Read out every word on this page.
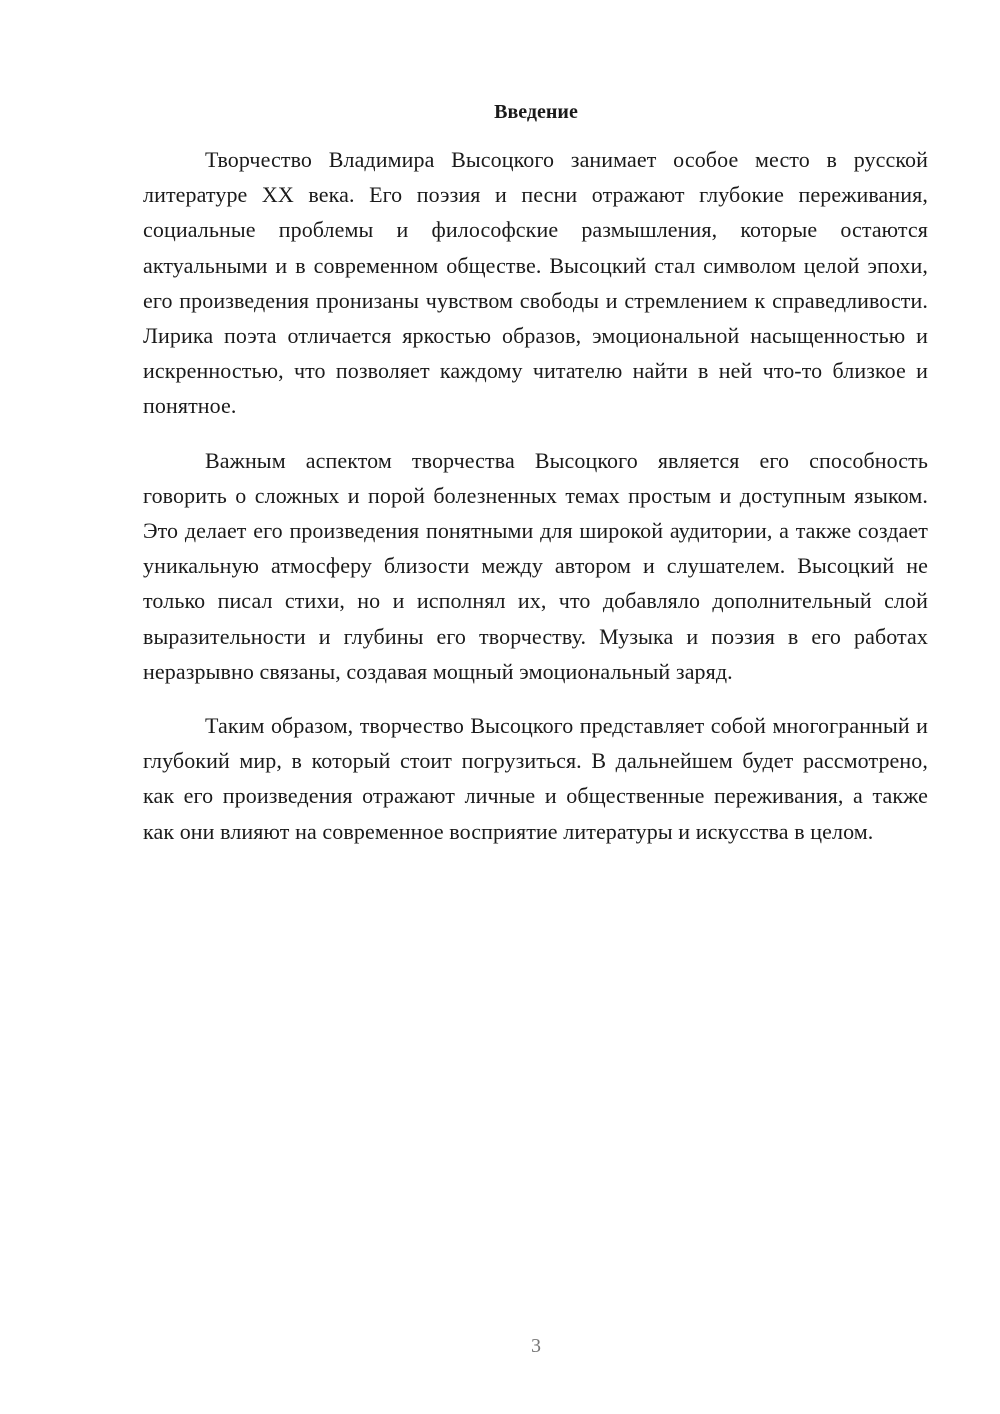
Введение

Творчество Владимира Высоцкого занимает особое место в русской литературе XX века. Его поэзия и песни отражают глубокие переживания, социальные проблемы и философские размышления, которые остаются актуальными и в современном обществе. Высоцкий стал символом целой эпохи, его произведения пронизаны чувством свободы и стремлением к справедливости. Лирика поэта отличается яркостью образов, эмоциональной насыщенностью и искренностью, что позволяет каждому читателю найти в ней что-то близкое и понятное.

Важным аспектом творчества Высоцкого является его способность говорить о сложных и порой болезненных темах простым и доступным языком. Это делает его произведения понятными для широкой аудитории, а также создает уникальную атмосферу близости между автором и слушателем. Высоцкий не только писал стихи, но и исполнял их, что добавляло дополнительный слой выразительности и глубины его творчеству. Музыка и поэзия в его работах неразрывно связаны, создавая мощный эмоциональный заряд.

Таким образом, творчество Высоцкого представляет собой многогранный и глубокий мир, в который стоит погрузиться. В дальнейшем будет рассмотрено, как его произведения отражают личные и общественные переживания, а также как они влияют на современное восприятие литературы и искусства в целом.

3
